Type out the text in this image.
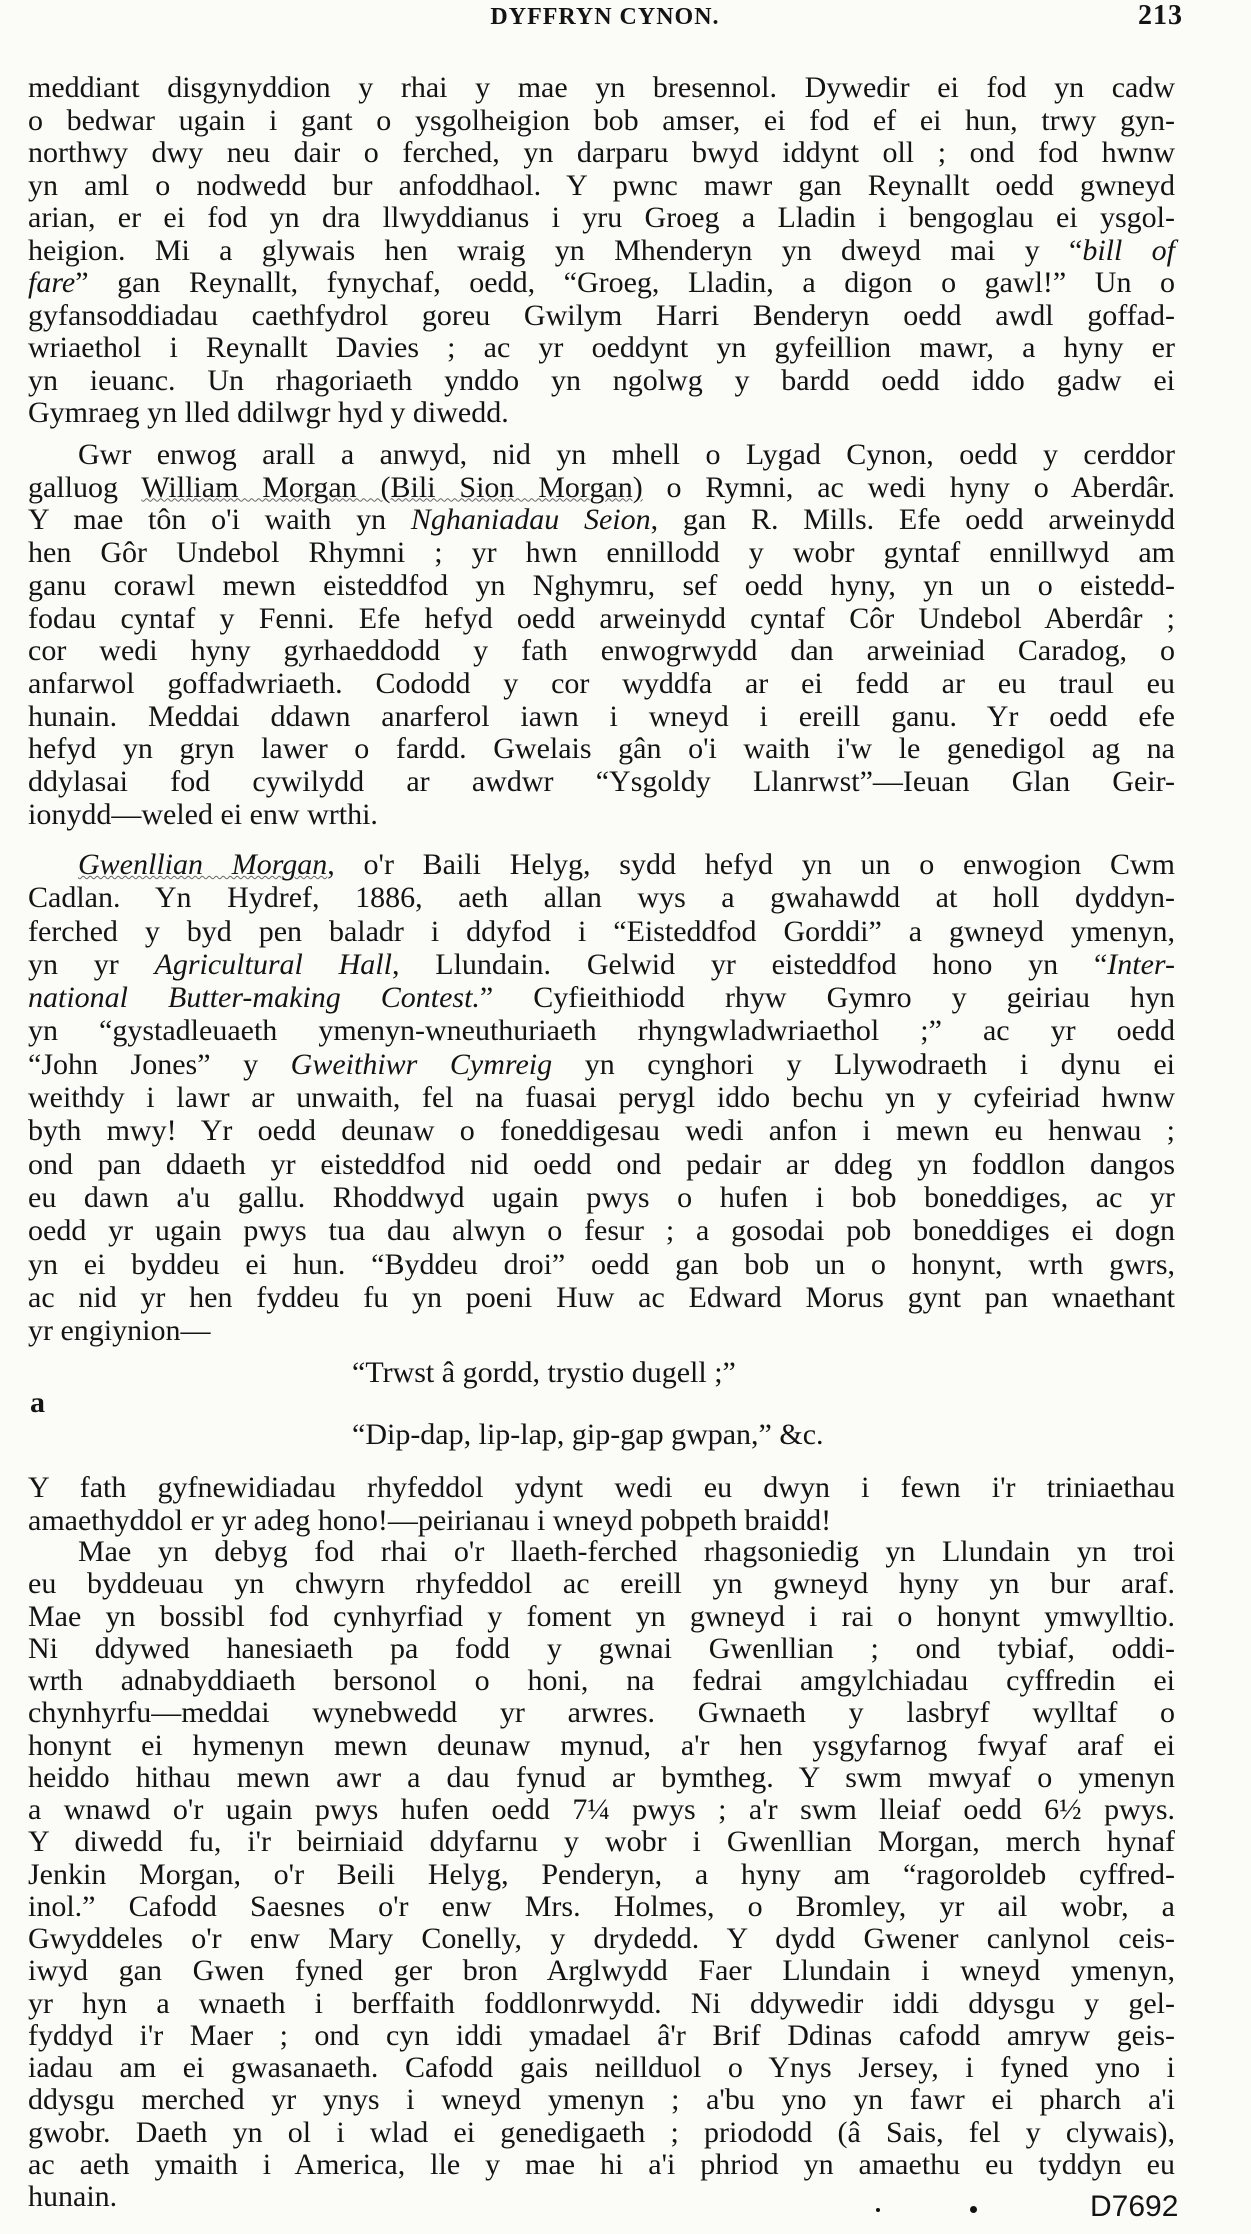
DYFFRYN CYNON.	213
meddiant disgynyddion y rhai y mae yn bresennol. Dywedir ei fod yn cadw
o bedwar ugain i gant o ysgolheigion bob amser, ei fod ef ei hun, trwy gyn-
northwy dwy neu dair o ferched, yn darparu bwyd iddynt oll ; ond fod hwnw
yn aml o nodwedd bur anfoddhaol. Y pwnc mawr gan Reynallt oedd gwneyd
arian, er ei fod yn dra llwyddianus i yru Groeg a Lladin i bengoglau ei ysgol-
heigion. Mi a glywais hen wraig yn Mhenderyn yn dweyd mai y “bill of
fare” gan Reynallt, fynychaf, oedd, “Groeg, Lladin, a digon o gawl!” Un o
gyfansoddiadau caethfydrol goreu Gwilym Harri Benderyn oedd awdl goffad-
wriaethol i Reynallt Davies ; ac yr oeddynt yn gyfeillion mawr, a hyny er
yn ieuanc. Un rhagoriaeth ynddo yn ngolwg y bardd oedd iddo gadw ei
Gymraeg yn lled ddilwgr hyd y diwedd.
Gwr enwog arall a anwyd, nid yn mhell o Lygad Cynon, oedd y cerddor
galluog William Morgan (Bili Sion Morgan) o Rymni, ac wedi hyny o Aberdâr.
Y mae tôn o'i waith yn Nghaniadau Seion, gan R. Mills. Efe oedd arweinydd
hen Gôr Undebol Rhymni ; yr hwn ennillodd y wobr gyntaf ennillwyd am
ganu corawl mewn eisteddfod yn Nghymru, sef oedd hyny, yn un o eistedd-
fodau cyntaf y Fenni. Efe hefyd oedd arweinydd cyntaf Côr Undebol Aberdâr ;
cor wedi hyny gyrhaeddodd y fath enwogrwydd dan arweiniad Caradog, o
anfarwol goffadwriaeth. Cododd y cor wyddfa ar ei fedd ar eu traul eu
hunain. Meddai ddawn anarferol iawn i wneyd i ereill ganu. Yr oedd efe
hefyd yn gryn lawer o fardd. Gwelais gân o'i waith i'w le genedigol ag na
ddylasai fod cywilydd ar awdwr “Ysgoldy Llanrwst”—Ieuan Glan Geir-
ionydd—weled ei enw wrthi.
Gwenllian Morgan, o'r Baili Helyg, sydd hefyd yn un o enwogion Cwm
Cadlan. Yn Hydref, 1886, aeth allan wys a gwahawdd at holl dyddyn-
ferched y byd pen baladr i ddyfod i “Eisteddfod Gorddi” a gwneyd ymenyn,
yn yr Agricultural Hall, Llundain. Gelwid yr eisteddfod hono yn “Inter-
national Butter-making Contest.” Cyfieithiodd rhyw Gymro y geiriau hyn
yn “gystadleuaeth ymenyn-wneuthuriaeth rhyngwladwriaethol ;” ac yr oedd
“John Jones” y Gweithiwr Cymreig yn cynghori y Llywodraeth i dynu ei
weithdy i lawr ar unwaith, fel na fuasai perygl iddo bechu yn y cyfeiriad hwnw
byth mwy! Yr oedd deunaw o foneddigesau wedi anfon i mewn eu henwau ;
ond pan ddaeth yr eisteddfod nid oedd ond pedair ar ddeg yn foddlon dangos
eu dawn a'u gallu. Rhoddwyd ugain pwys o hufen i bob boneddiges, ac yr
oedd yr ugain pwys tua dau alwyn o fesur ; a gosodai pob boneddiges ei dogn
yn ei byddeu ei hun. “Byddeu droi” oedd gan bob un o honynt, wrth gwrs,
ac nid yr hen fyddeu fu yn poeni Huw ac Edward Morus gynt pan wnaethant
yr engiynion—
“Trwst â gordd, trystio dugell ;”
a
“Dip-dap, lip-lap, gip-gap gwpan,” &c.
Y fath gyfnewidiadau rhyfeddol ydynt wedi eu dwyn i fewn i'r triniaethau
amaethyddol er yr adeg hono!—peirianau i wneyd pobpeth braidd!
Mae yn debyg fod rhai o'r llaeth-ferched rhagsoniedig yn Llundain yn troi
eu byddeuau yn chwyrn rhyfeddol ac ereill yn gwneyd hyny yn bur araf.
Mae yn bossibl fod cynhyrfiad y foment yn gwneyd i rai o honynt ymwylltio.
Ni ddywed hanesiaeth pa fodd y gwnai Gwenllian ; ond tybiaf, oddi-
wrth adnabyddiaeth bersonol o honi, na fedrai amgylchiadau cyffredin ei
chynhyrfu—meddai wynebwedd yr arwres. Gwnaeth y lasbryf wylltaf o
honynt ei hymenyn mewn deunaw mynud, a'r hen ysgyfarnog fwyaf araf ei
heiddo hithau mewn awr a dau fynud ar bymtheg. Y swm mwyaf o ymenyn
a wnawd o'r ugain pwys hufen oedd 7¼ pwys ; a'r swm lleiaf oedd 6½ pwys.
Y diwedd fu, i'r beirniaid ddyfarnu y wobr i Gwenllian Morgan, merch hynaf
Jenkin Morgan, o'r Beili Helyg, Penderyn, a hyny am “ragoroldeb cyffred-
inol.” Cafodd Saesnes o'r enw Mrs. Holmes, o Bromley, yr ail wobr, a
Gwyddeles o'r enw Mary Conelly, y drydedd. Y dydd Gwener canlynol ceis-
iwyd gan Gwen fyned ger bron Arglwydd Faer Llundain i wneyd ymenyn,
yr hyn a wnaeth i berffaith foddlonrwydd. Ni ddywedir iddi ddysgu y gel-
fyddyd i'r Maer ; ond cyn iddi ymadael â'r Brif Ddinas cafodd amryw geis-
iadau am ei gwasanaeth. Cafodd gais neillduol o Ynys Jersey, i fyned yno i
ddysgu merched yr ynys i wneyd ymenyn ; a'bu yno yn fawr ei pharch a'i
gwobr. Daeth yn ol i wlad ei genedigaeth ; priododd (â Sais, fel y clywais),
ac aeth ymaith i America, lle y mae hi a'i phriod yn amaethu eu tyddyn eu
hunain.	D7692
